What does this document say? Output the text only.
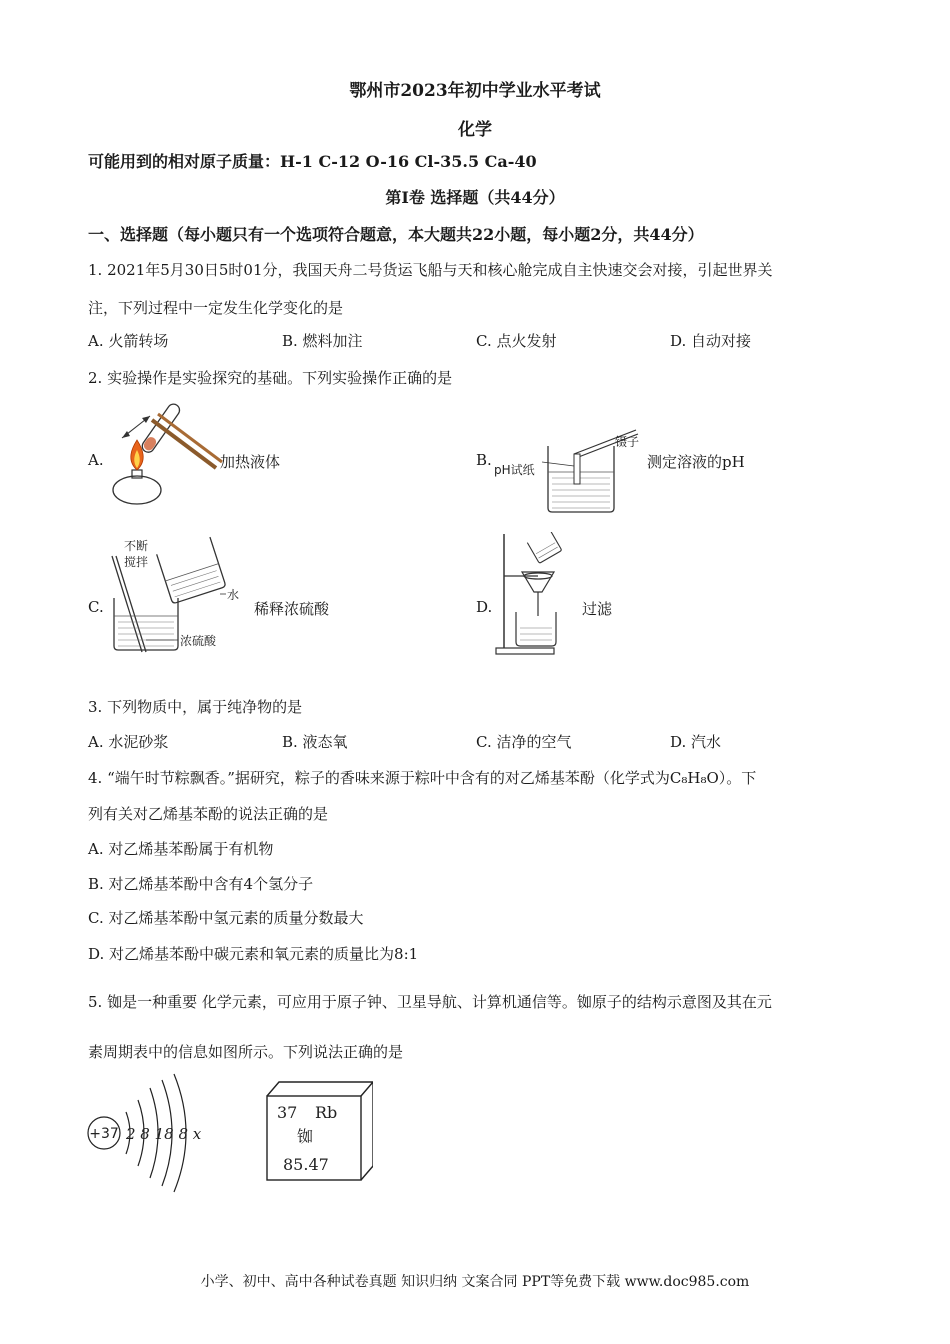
鄂州市2023年初中学业水平考试
化学
可能用到的相对原子质量：H-1 C-12 O-16 Cl-35.5 Ca-40
第Ⅰ卷 选择题（共44分）
一、选择题（每小题只有一个选项符合题意，本大题共22小题，每小题2分，共44分）
1. 2021年5月30日5时01分，我国天舟二号货运飞船与天和核心舱完成自主快速交会对接，引起世界关
注，下列过程中一定发生化学变化的是
A. 火箭转场	B. 燃料加注	C. 点火发射	D. 自动对接
2. 实验操作是实验探究的基础。下列实验操作正确的是
A.	加热液体	B.
镊子
pH试纸	测定溶液的pH
C.
不断
搅拌
水
浓硫酸
稀释浓硫酸	D.	过滤
3. 下列物质中，属于纯净物的是
A. 水泥砂浆	B. 液态氧	C. 洁净的空气	D. 汽水
4. “端午时节粽飘香。”据研究，粽子的香味来源于粽叶中含有的对乙烯基苯酚（化学式为C₈H₈O）。下
列有关对乙烯基苯酚的说法正确的是
A. 对乙烯基苯酚属于有机物
B. 对乙烯基苯酚中含有4个氢分子
C. 对乙烯基苯酚中氢元素的质量分数最大
D. 对乙烯基苯酚中碳元素和氧元素的质量比为8:1
5. 铷是一种重要 化学元素，可应用于原子钟、卫星导航、计算机通信等。铷原子的结构示意图及其在元
素周期表中的信息如图所示。下列说法正确的是
+37 2 8 18 8 x
37 Rb
铷
85.47
小学、初中、高中各种试卷真题 知识归纳 文案合同 PPT等免费下载 www.doc985.com
